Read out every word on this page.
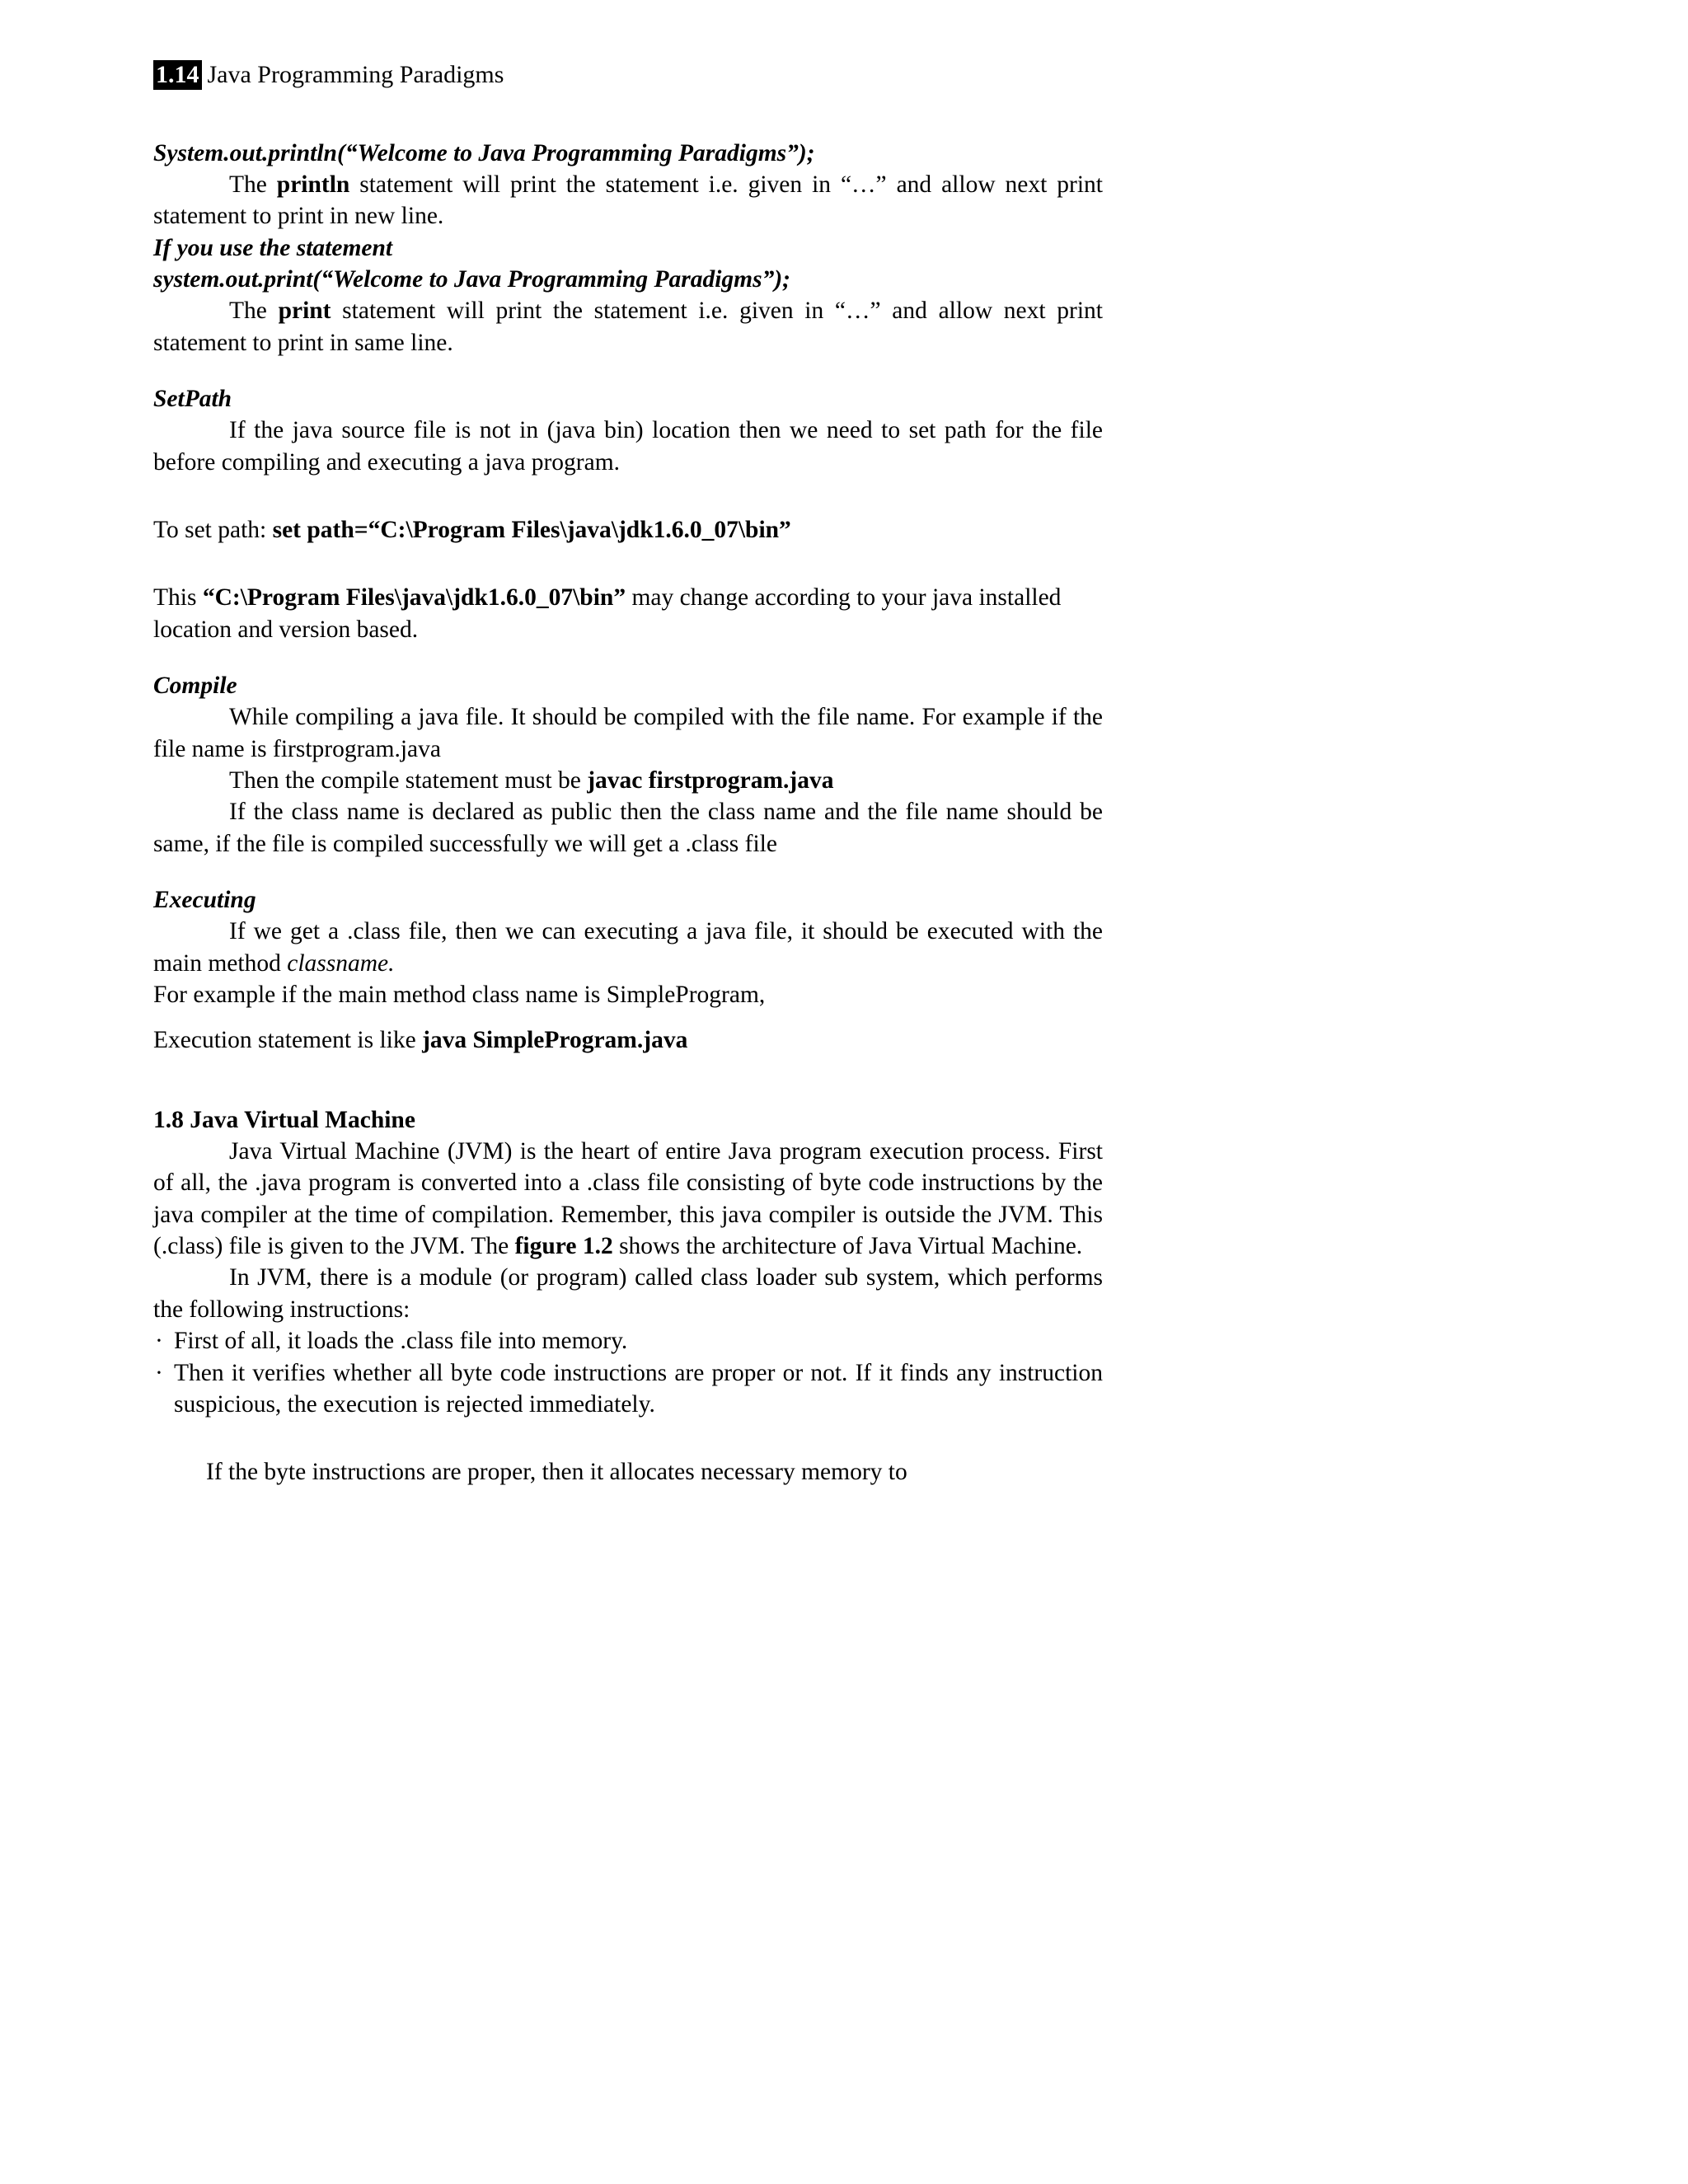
1.14 Java Programming Paradigms

System.out.println(“Welcome to Java Programming Paradigms”);

The println statement will print the statement i.e. given in “…” and allow next print statement to print in new line.

If you use the statement

system.out.print(“Welcome to Java Programming Paradigms”);

The print statement will print the statement i.e. given in “…” and allow next print statement to print in same line.

SetPath

If the java source file is not in (java bin) location then we need to set path for the file before compiling and executing a java program.

To set path: set path=“C:\Program Files\java\jdk1.6.0_07\bin”

This “C:\Program Files\java\jdk1.6.0_07\bin” may change according to your java installed location and version based.

Compile

While compiling a java file. It should be compiled with the file name. For example if the file name is firstprogram.java

Then the compile statement must be javac firstprogram.java

If the class name is declared as public then the class name and the file name should be same, if the file is compiled successfully we will get a .class file

Executing

If we get a .class file, then we can executing a java file, it should be executed with the main method classname.

For example if the main method class name is SimpleProgram,

Execution statement is like java SimpleProgram.java

1.8 Java Virtual Machine

Java Virtual Machine (JVM) is the heart of entire Java program execution process. First of all, the .java program is converted into a .class file consisting of byte code instructions by the java compiler at the time of compilation. Remember, this java compiler is outside the JVM. This (.class) file is given to the JVM. The figure 1.2 shows the architecture of Java Virtual Machine.

In JVM, there is a module (or program) called class loader sub system, which performs the following instructions:

· First of all, it loads the .class file into memory.
· Then it verifies whether all byte code instructions are proper or not. If it finds any instruction suspicious, the execution is rejected immediately.

If the byte instructions are proper, then it allocates necessary memory to
